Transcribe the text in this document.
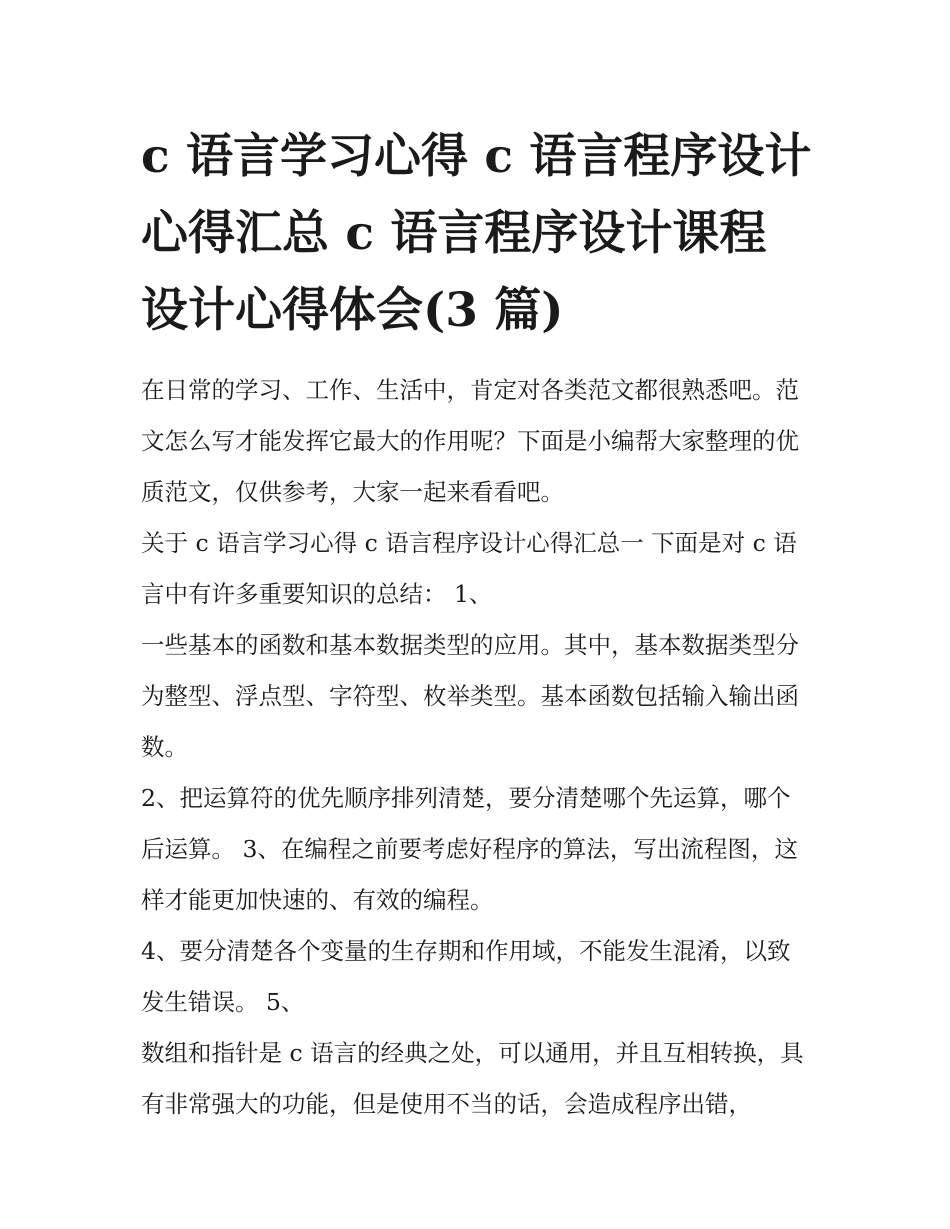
c 语言学习心得 c 语言程序设计心得汇总 c 语言程序设计课程设计心得体会(3 篇)

在日常的学习、工作、生活中，肯定对各类范文都很熟悉吧。范文怎么写才能发挥它最大的作用呢？下面是小编帮大家整理的优质范文，仅供参考，大家一起来看看吧。

关于 c 语言学习心得 c 语言程序设计心得汇总一 下面是对 c 语言中有许多重要知识的总结： 1、

一些基本的函数和基本数据类型的应用。其中，基本数据类型分为整型、浮点型、字符型、枚举类型。基本函数包括输入输出函数。

2、把运算符的优先顺序排列清楚，要分清楚哪个先运算，哪个后运算。 3、在编程之前要考虑好程序的算法，写出流程图，这样才能更加快速的、有效的编程。

4、要分清楚各个变量的生存期和作用域，不能发生混淆，以致发生错误。 5、

数组和指针是 c 语言的经典之处，可以通用，并且互相转换，具有非常强大的功能，但是使用不当的话，会造成程序出错，
